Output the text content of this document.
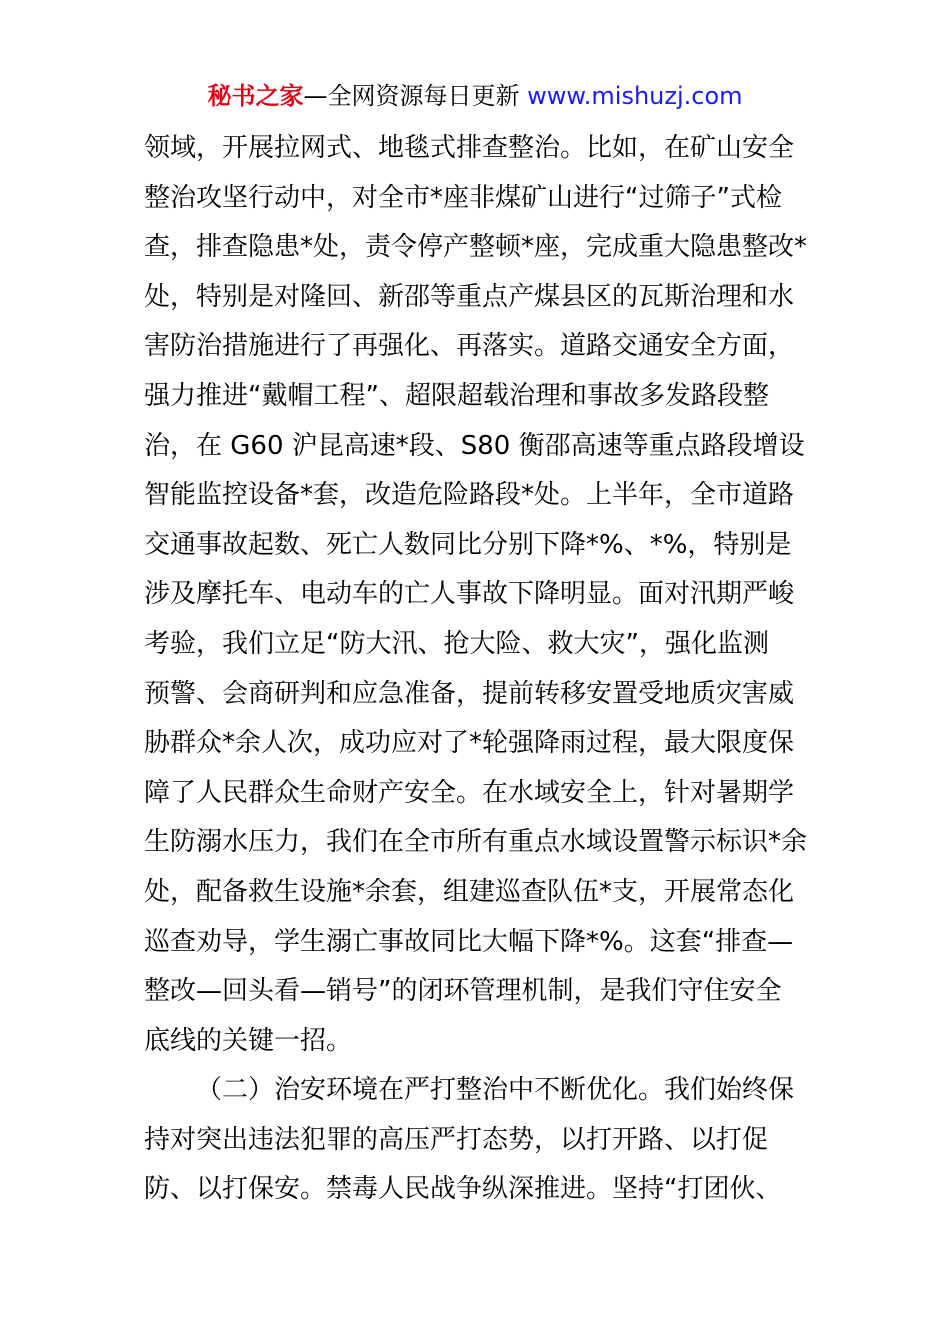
秘书之家—全网资源每日更新 www.mishuzj.com
领域，开展拉网式、地毯式排查整治。比如，在矿山安全
整治攻坚行动中，对全市*座非煤矿山进行“过筛子”式检
查，排查隐患*处，责令停产整顿*座，完成重大隐患整改*
处，特别是对隆回、新邵等重点产煤县区的瓦斯治理和水
害防治措施进行了再强化、再落实。道路交通安全方面，
强力推进“戴帽工程”、超限超载治理和事故多发路段整
治，在 G60 沪昆高速*段、S80 衡邵高速等重点路段增设
智能监控设备*套，改造危险路段*处。上半年，全市道路
交通事故起数、死亡人数同比分别下降*%、*%，特别是
涉及摩托车、电动车的亡人事故下降明显。面对汛期严峻
考验，我们立足“防大汛、抢大险、救大灾”，强化监测
预警、会商研判和应急准备，提前转移安置受地质灾害威
胁群众*余人次，成功应对了*轮强降雨过程，最大限度保
障了人民群众生命财产安全。在水域安全上，针对暑期学
生防溺水压力，我们在全市所有重点水域设置警示标识*余
处，配备救生设施*余套，组建巡查队伍*支，开展常态化
巡查劝导，学生溺亡事故同比大幅下降*%。这套“排查—
整改—回头看—销号”的闭环管理机制，是我们守住安全
底线的关键一招。
（二）治安环境在严打整治中不断优化。我们始终保
持对突出违法犯罪的高压严打态势，以打开路、以打促
防、以打保安。禁毒人民战争纵深推进。坚持“打团伙、
